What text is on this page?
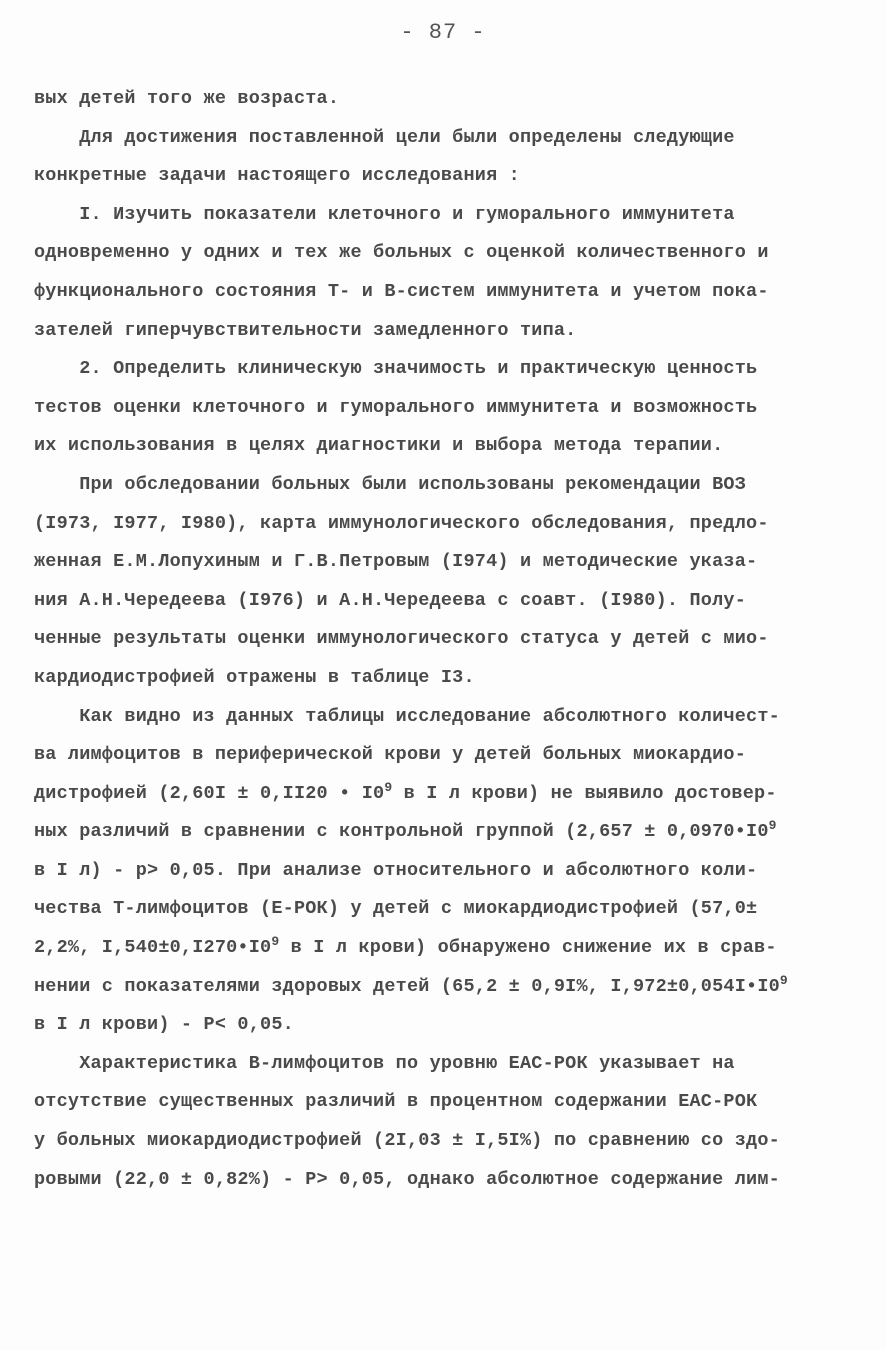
- 87 -
вых детей того же возраста.
Для достижения поставленной цели были определены следующие
конкретные задачи настоящего исследования :
I. Изучить показатели клеточного и гуморального иммунитета
одновременно у одних и тех же больных с оценкой количественного и
функционального состояния Т- и В-систем иммунитета и учетом пока-
зателей гиперчувствительности замедленного типа.
2. Определить клиническую значимость и практическую ценность
тестов оценки клеточного и гуморального иммунитета и возможность
их использования в целях диагностики и выбора метода терапии.
При обследовании больных были использованы рекомендации ВОЗ
(I973, I977, I980), карта иммунологического обследования, предло-
женная Е.М.Лопухиным и Г.В.Петровым (I974) и методические указа-
ния А.Н.Чередеева (I976) и А.Н.Чередеева с соавт. (I980). Полу-
ченные результаты оценки иммунологического статуса у детей с мио-
кардиодистрофией отражены в таблице I3.
Как видно из данных таблицы исследование абсолютного количест-
ва лимфоцитов в периферической крови у детей больных миокардио-
дистрофией (2,60I ± 0,II20 • $I0^9$ в I л крови) не выявило достовер-
ных различий в сравнении с контрольной группой ($2,657 \pm 0,0970•I0^9$
в I л) - р> 0,05. При анализе относительного и абсолютного коли-
чества Т-лимфоцитов (Е-РОК) у детей с миокардиодистрофией (57,0±
2,2%, $I,540\pm 0,I270•I0^9$ в I л крови) обнаружено снижение их в срав-
нении с показателями здоровых детей (65,2 ± 0,9I%, $I,972\pm 0,054I•I0^9$
в I л крови) - Р< 0,05.
Характеристика В-лимфоцитов по уровню ЕАС-РОК указывает на
отсутствие существенных различий в процентном содержании ЕАС-РОК
у больных миокардиодистрофией (2I,03 ± I,5I%) по сравнению со здо-
ровыми (22,0 ± 0,82%) - Р> 0,05, однако абсолютное содержание лим-
